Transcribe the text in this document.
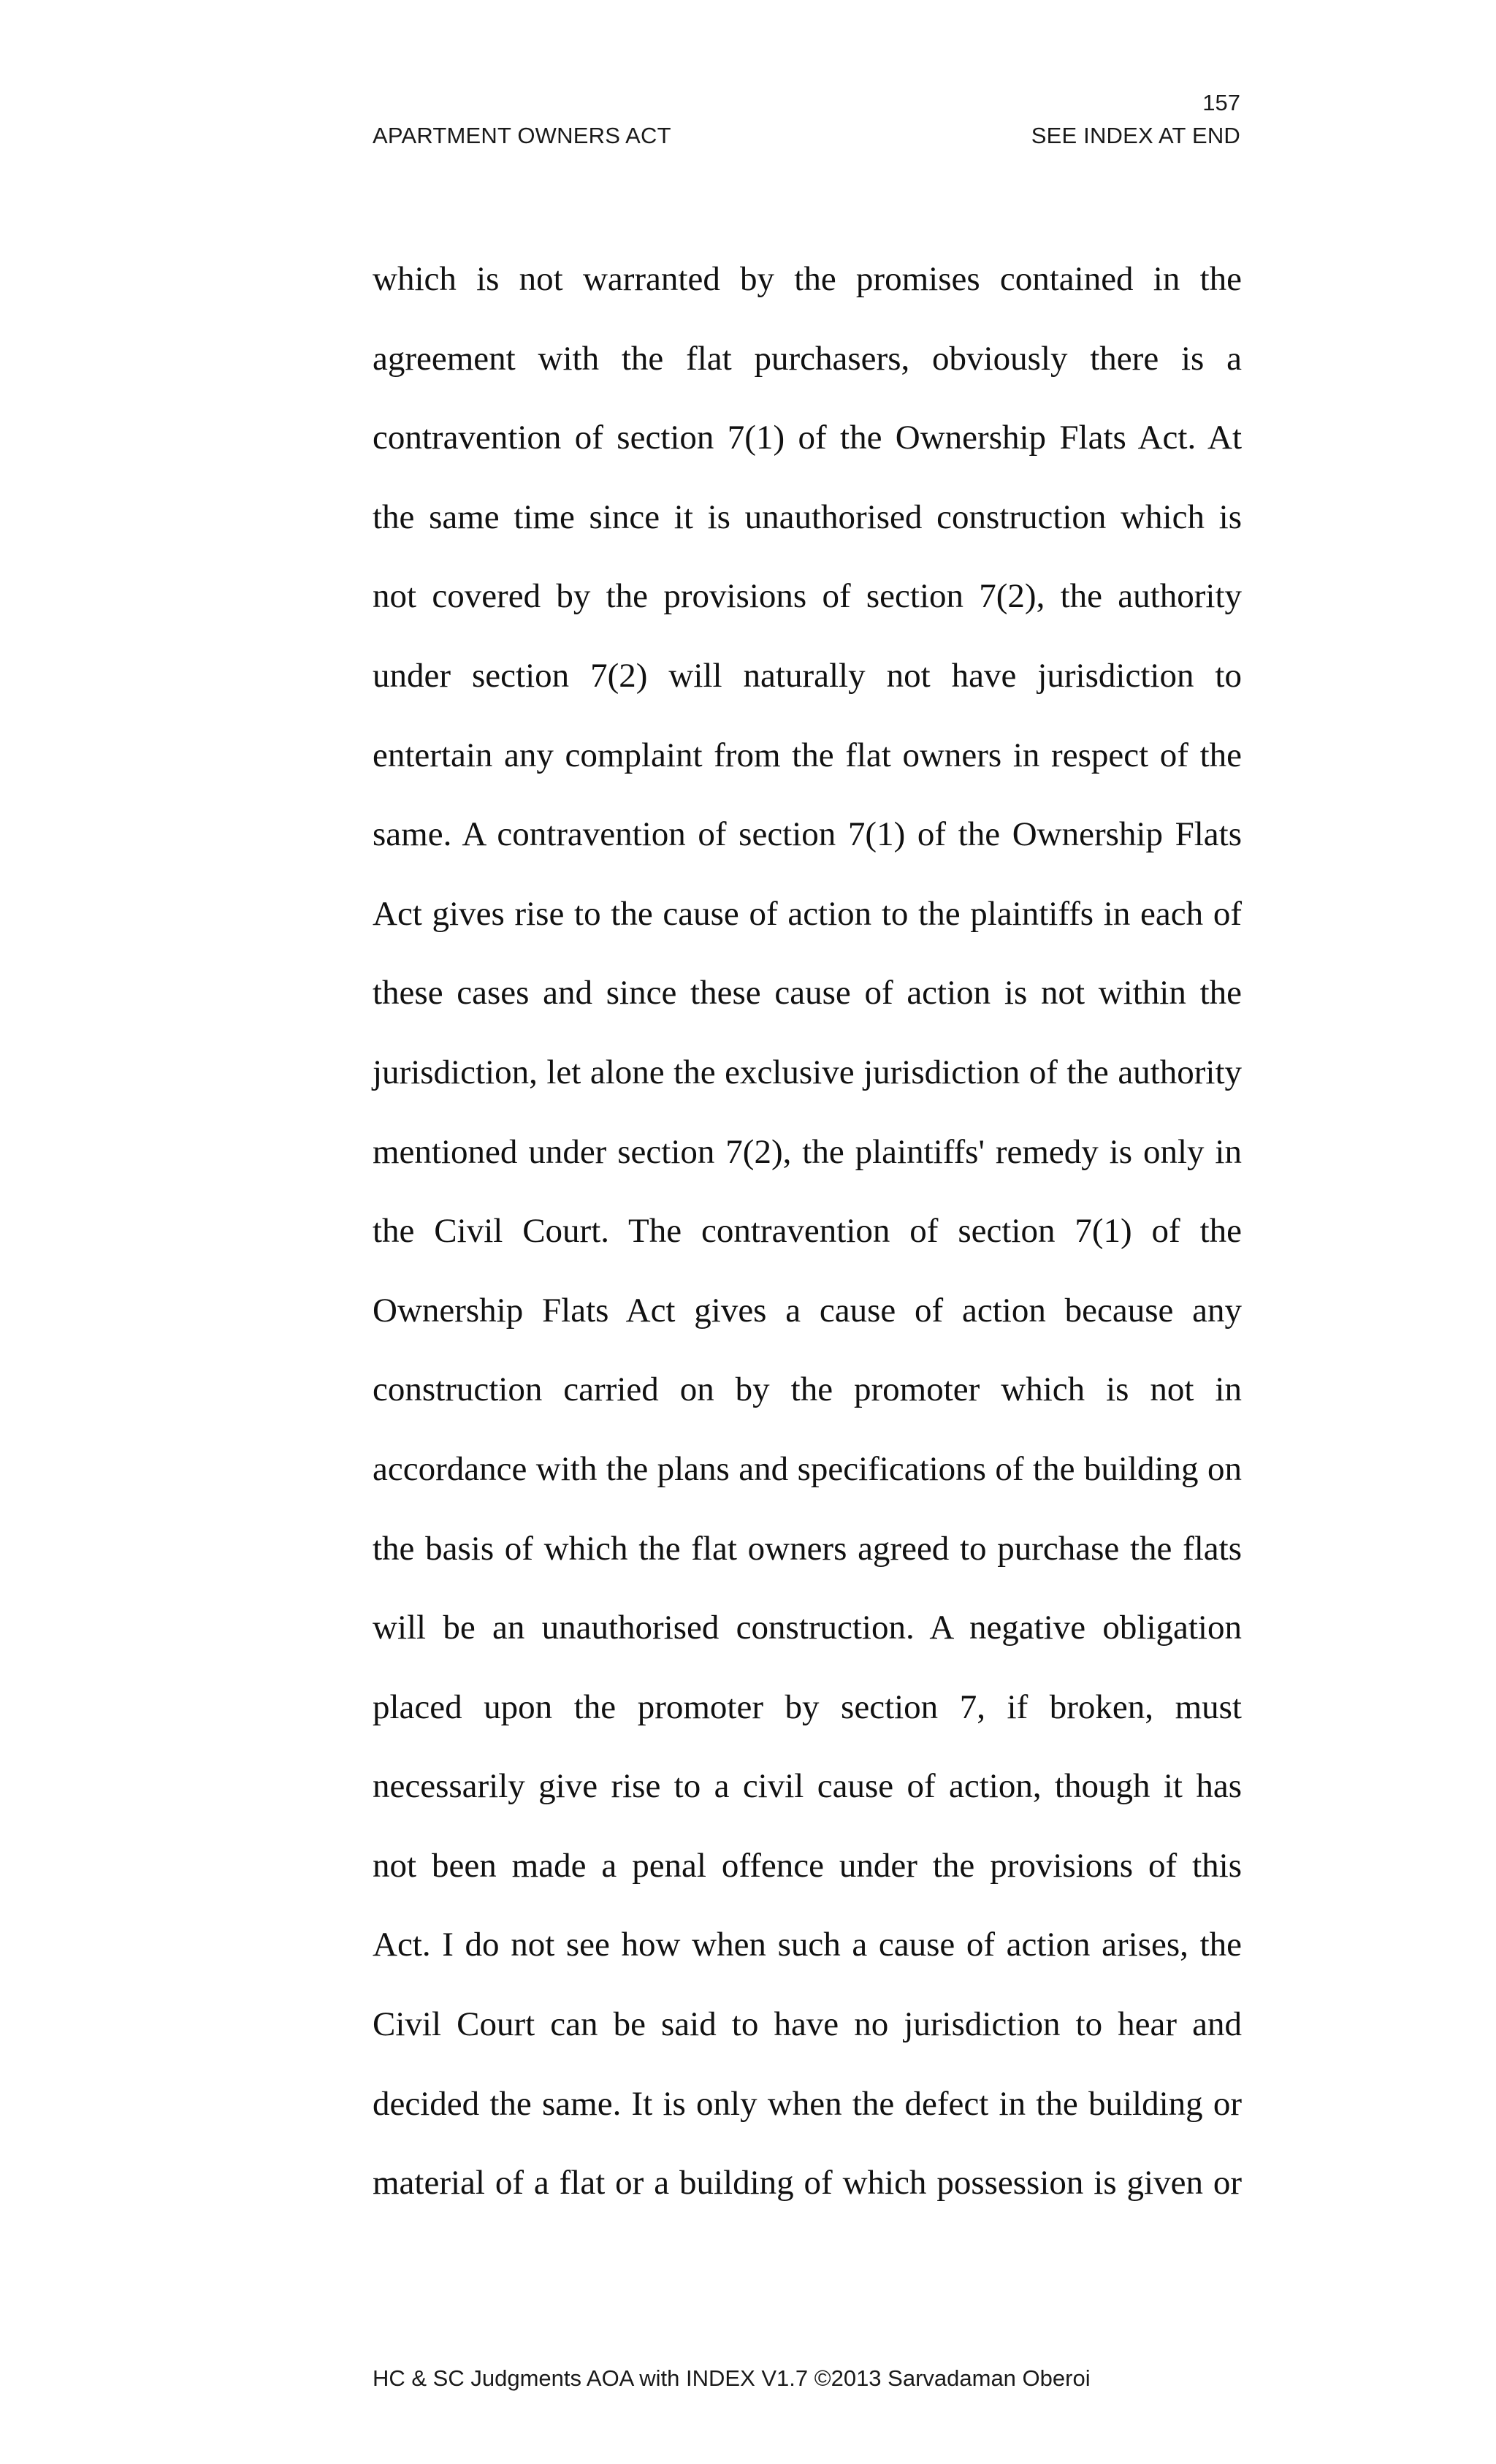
157
APARTMENT OWNERS ACT	SEE INDEX AT END
which is not warranted by the promises contained in the
agreement with the flat purchasers, obviously there is a
contravention of section 7(1) of the Ownership Flats Act. At
the same time since it is unauthorised construction which is
not covered by the provisions of section 7(2), the authority
under section 7(2) will naturally not have jurisdiction to
entertain any complaint from the flat owners in respect of the
same. A contravention of section 7(1) of the Ownership Flats
Act gives rise to the cause of action to the plaintiffs in each of
these cases and since these cause of action is not within the
jurisdiction, let alone the exclusive jurisdiction of the authority
mentioned under section 7(2), the plaintiffs' remedy is only in
the Civil Court. The contravention of section 7(1) of the
Ownership Flats Act gives a cause of action because any
construction carried on by the promoter which is not in
accordance with the plans and specifications of the building on
the basis of which the flat owners agreed to purchase the flats
will be an unauthorised construction. A negative obligation
placed upon the promoter by section 7, if broken, must
necessarily give rise to a civil cause of action, though it has
not been made a penal offence under the provisions of this
Act. I do not see how when such a cause of action arises, the
Civil Court can be said to have no jurisdiction to hear and
decided the same. It is only when the defect in the building or
material of a flat or a building of which possession is given or
HC & SC Judgments AOA with INDEX V1.7 ©2013 Sarvadaman Oberoi
